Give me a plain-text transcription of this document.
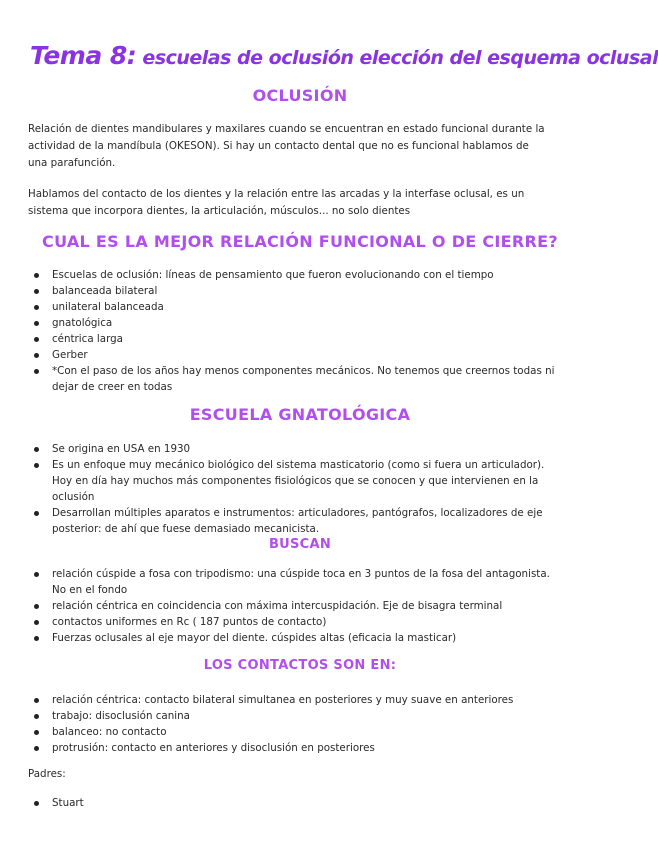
Tema 8: escuelas de oclusión elección del esquema oclusal
OCLUSIÓN

Relación de dientes mandibulares y maxilares cuando se encuentran en estado funcional durante la actividad de la mandíbula (OKESON). Si hay un contacto dental que no es funcional hablamos de una parafunción.

Hablamos del contacto de los dientes y la relación entre las arcadas y la interfase oclusal, es un sistema que incorpora dientes, la articulación, músculos... no solo dientes

CUAL ES LA MEJOR RELACIÓN FUNCIONAL O DE CIERRE?
Escuelas de oclusión: líneas de pensamiento que fueron evolucionando con el tiempo
balanceada bilateral
unilateral balanceada
gnatológica
céntrica larga
Gerber
*Con el paso de los años hay menos componentes mecánicos. No tenemos que creernos todas ni dejar de creer en todas
ESCUELA GNATOLÓGICA
Se origina en USA en 1930
Es un enfoque muy mecánico biológico del sistema masticatorio (como si fuera un articulador). Hoy en día hay muchos más componentes fisiológicos que se conocen y que intervienen en la oclusión
Desarrollan múltiples aparatos e instrumentos: articuladores, pantógrafos, localizadores de eje posterior: de ahí que fuese demasiado mecanicista.
BUSCAN
relación cúspide a fosa con tripodismo: una cúspide toca en 3 puntos de la fosa del antagonista. No en el fondo
relación céntrica en coincidencia con máxima intercuspidación. Eje de bisagra terminal
contactos uniformes en Rc ( 187 puntos de contacto)
Fuerzas oclusales al eje mayor del diente. cúspides altas (eficacia la masticar)
LOS CONTACTOS SON EN:
relación céntrica: contacto bilateral simultanea en posteriores y muy suave en anteriores
trabajo: disoclusión canina
balanceo: no contacto
protrusión: contacto en anteriores y disoclusión en posteriores

Padres:

Stuart
